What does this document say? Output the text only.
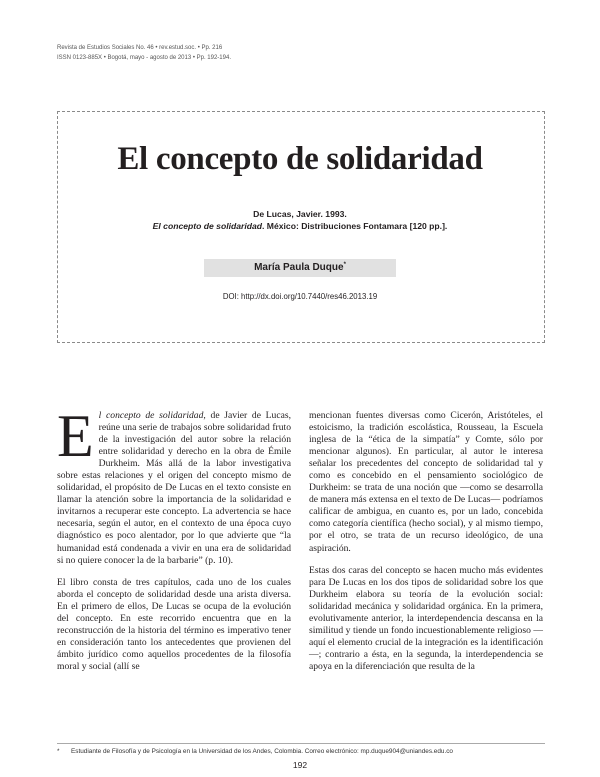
Revista de Estudios Sociales No. 46 • rev.estud.soc. • Pp. 216
ISSN 0123-885X • Bogotá, mayo - agosto de 2013 • Pp. 192-194.
El concepto de solidaridad
De Lucas, Javier. 1993.
El concepto de solidaridad. México: Distribuciones Fontamara [120 pp.].
María Paula Duque*
DOI: http://dx.doi.org/10.7440/res46.2013.19

El concepto de solidaridad, de Javier de Lucas, reúne una serie de trabajos sobre solidaridad fruto de la investigación del autor sobre la relación entre solidaridad y derecho en la obra de Émile Durkheim. Más allá de la labor investigativa sobre estas relaciones y el origen del concepto mismo de solidaridad, el propósito de De Lucas en el texto consiste en llamar la atención sobre la importancia de la solidaridad e invitarnos a recuperar este concepto. La advertencia se hace necesaria, según el autor, en el contexto de una época cuyo diagnóstico es poco alentador, por lo que advierte que “la humanidad está condenada a vivir en una era de solidaridad si no quiere conocer la de la barbarie” (p. 10).

El libro consta de tres capítulos, cada uno de los cuales aborda el concepto de solidaridad desde una arista diversa. En el primero de ellos, De Lucas se ocupa de la evolución del concepto. En este recorrido encuentra que en la reconstrucción de la historia del término es imperativo tener en consideración tanto los antecedentes que provienen del ámbito jurídico como aquellos procedentes de la filosofía moral y social (allí se

mencionan fuentes diversas como Cicerón, Aristóteles, el estoicismo, la tradición escolástica, Rousseau, la Escuela inglesa de la “ética de la simpatía” y Comte, sólo por mencionar algunos). En particular, al autor le interesa señalar los precedentes del concepto de solidaridad tal y como es concebido en el pensamiento sociológico de Durkheim: se trata de una noción que —como se desarrolla de manera más extensa en el texto de De Lucas— podríamos calificar de ambigua, en cuanto es, por un lado, concebida como categoría científica (hecho social), y al mismo tiempo, por el otro, se trata de un recurso ideológico, de una aspiración.

Estas dos caras del concepto se hacen mucho más evidentes para De Lucas en los dos tipos de solidaridad sobre los que Durkheim elabora su teoría de la evolución social: solidaridad mecánica y solidaridad orgánica. En la primera, evolutivamente anterior, la interdependencia descansa en la similitud y tiende un fondo incuestionablemente religioso —aquí el elemento crucial de la integración es la identificación—; contrario a ésta, en la segunda, la interdependencia se apoya en la diferenciación que resulta de la

* Estudiante de Filosofía y de Psicología en la Universidad de los Andes, Colombia. Correo electrónico: mp.duque904@uniandes.edu.co
192
